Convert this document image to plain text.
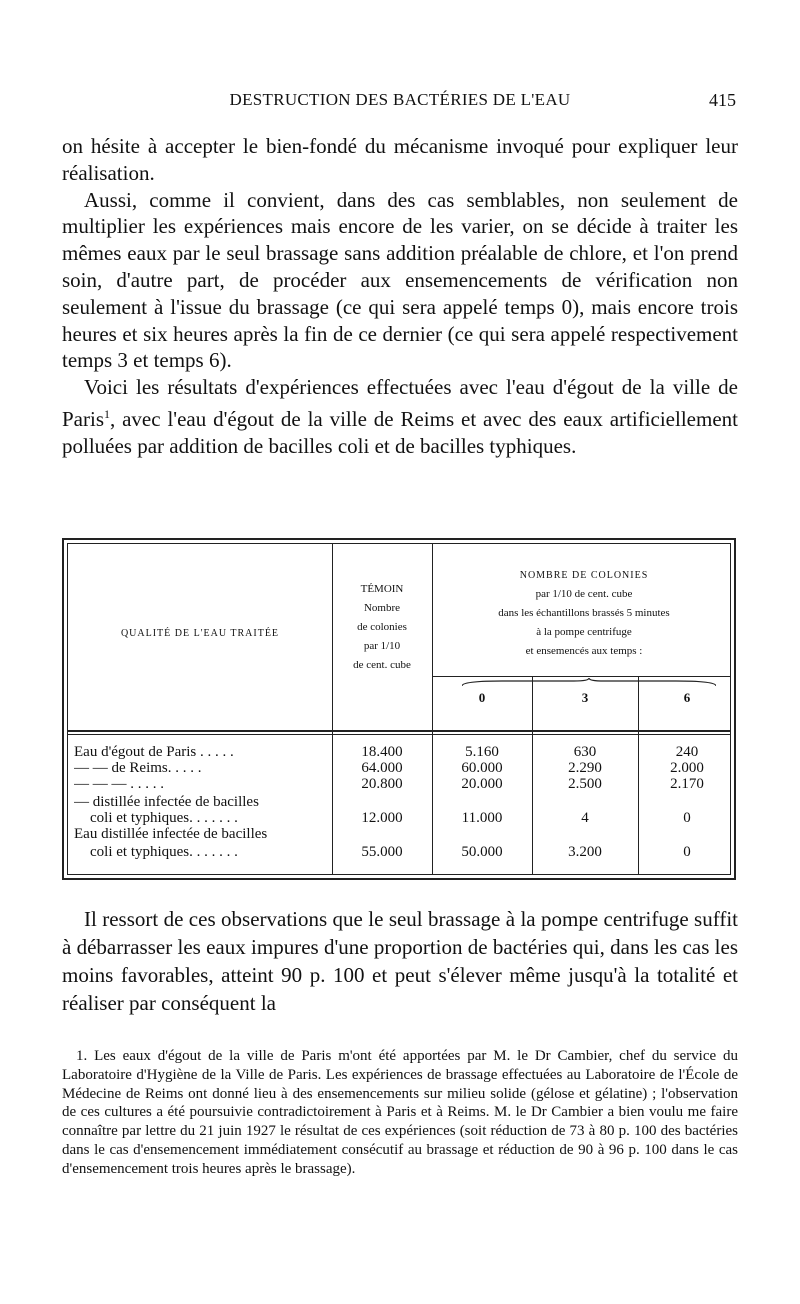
DESTRUCTION DES BACTÉRIES DE L'EAU	415

on hésite à accepter le bien-fondé du mécanisme invoqué pour expliquer leur réalisation.

Aussi, comme il convient, dans des cas semblables, non seulement de multiplier les expériences mais encore de les varier, on se décide à traiter les mêmes eaux par le seul brassage sans addition préalable de chlore, et l'on prend soin, d'autre part, de procéder aux ensemencements de vérification non seulement à l'issue du brassage (ce qui sera appelé temps 0), mais encore trois heures et six heures après la fin de ce dernier (ce qui sera appelé respectivement temps 3 et temps 6).

Voici les résultats d'expériences effectuées avec l'eau d'égout de la ville de Paris$^1$, avec l'eau d'égout de la ville de Reims et avec des eaux artificiellement polluées par addition de bacilles coli et de bacilles typhiques.

QUALITÉ DE L'EAU TRAITÉE
TÉMOIN
Nombre
de colonies
par 1/10
de cent. cube
NOMBRE DE COLONIES
par 1/10 de cent. cube
dans les échantillons brassés 5 minutes
à la pompe centrifuge
et ensemencés aux temps :
0	3	6
Eau d'égout de Paris . . . . .	18.400	5.160	630	240
— — de Reims. . . . .	64.000	60.000	2.290	2.000
— — — . . . . .	20.800	20.000	2.500	2.170
— distillée infectée de bacilles
coli et typhiques. . . . . . .	12.000	11.000	4	0
Eau distillée infectée de bacilles
coli et typhiques. . . . . . .	55.000	50.000	3.200	0

Il ressort de ces observations que le seul brassage à la pompe centrifuge suffit à débarrasser les eaux impures d'une proportion de bactéries qui, dans les cas les moins favorables, atteint 90 p. 100 et peut s'élever même jusqu'à la totalité et réaliser par conséquent la

1. Les eaux d'égout de la ville de Paris m'ont été apportées par M. le Dr Cambier, chef du service du Laboratoire d'Hygiène de la Ville de Paris. Les expériences de brassage effectuées au Laboratoire de l'École de Médecine de Reims ont donné lieu à des ensemencements sur milieu solide (gélose et gélatine) ; l'observation de ces cultures a été poursuivie contradictoirement à Paris et à Reims. M. le Dr Cambier a bien voulu me faire connaître par lettre du 21 juin 1927 le résultat de ces expériences (soit réduction de 73 à 80 p. 100 des bactéries dans le cas d'ensemencement immédiatement consécutif au brassage et réduction de 90 à 96 p. 100 dans le cas d'ensemencement trois heures après le brassage).
